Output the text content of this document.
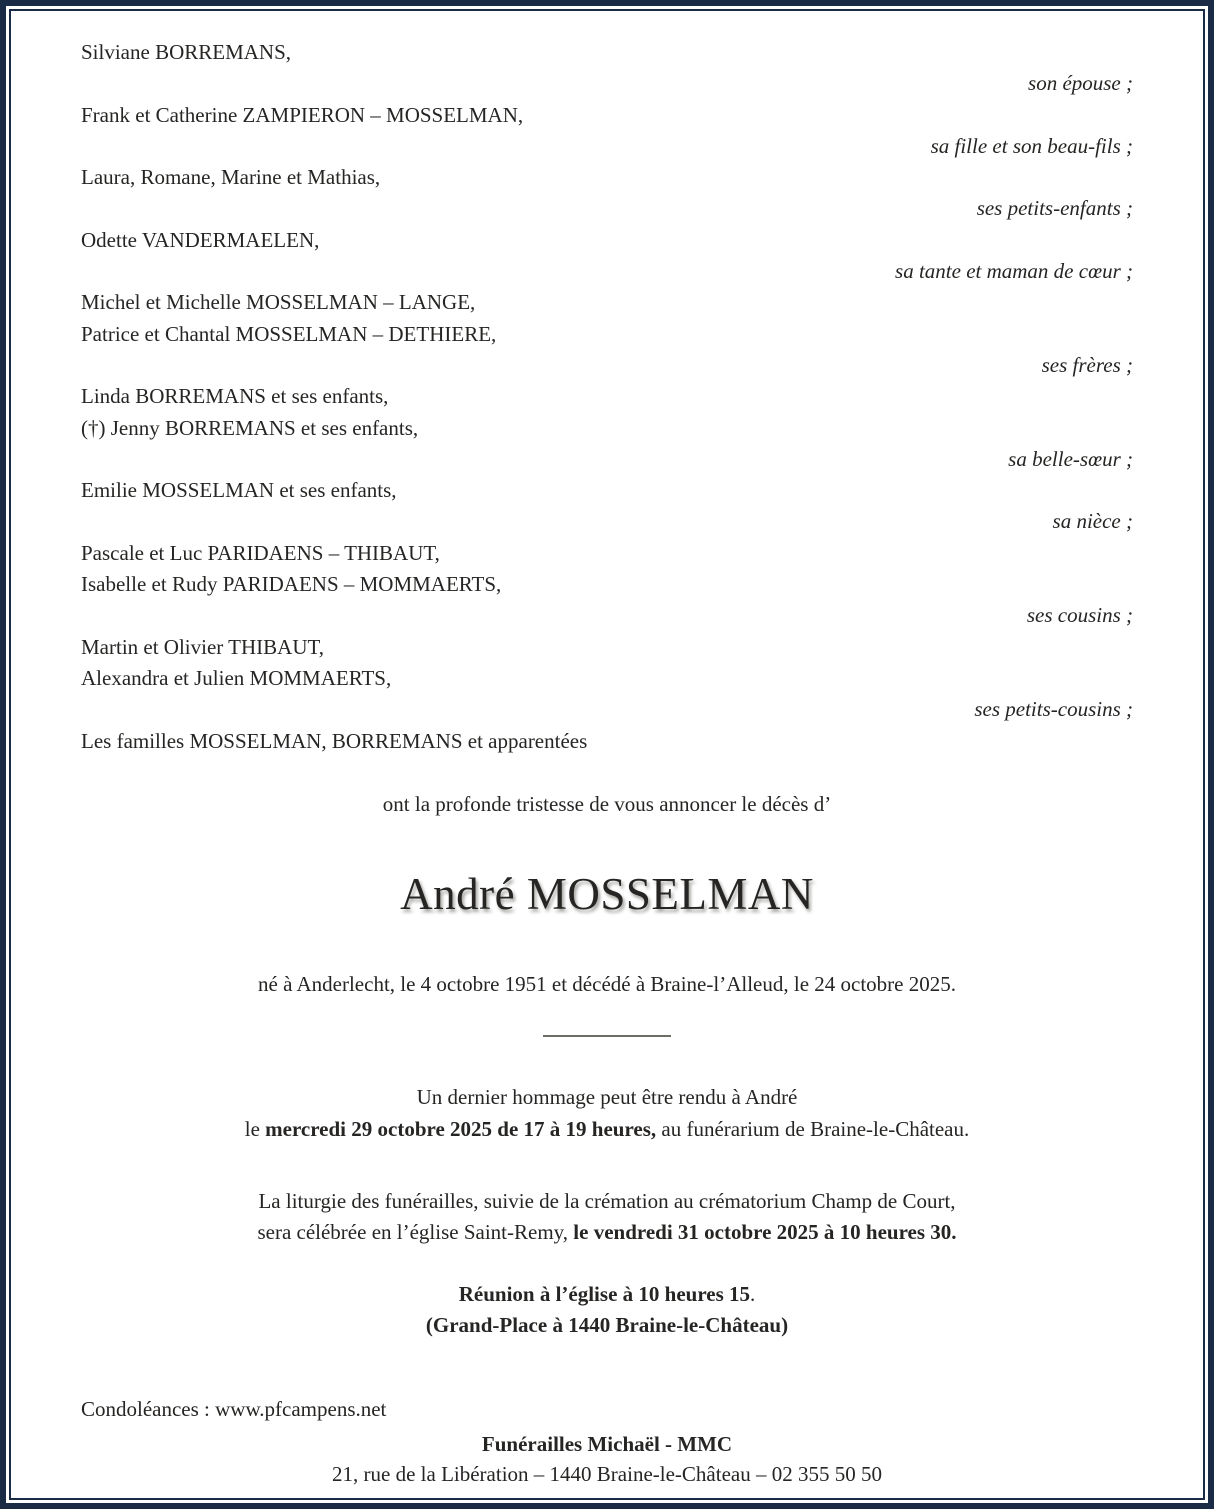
Silviane BORREMANS,
son épouse ;
Frank et Catherine ZAMPIERON – MOSSELMAN,
sa fille et son beau-fils ;
Laura, Romane, Marine et Mathias,
ses petits-enfants ;
Odette VANDERMAELEN,
sa tante et maman de cœur ;
Michel et Michelle MOSSELMAN – LANGE,
Patrice et Chantal MOSSELMAN – DETHIERE,
ses frères ;
Linda BORREMANS et ses enfants,
(†) Jenny BORREMANS et ses enfants,
sa belle-sœur ;
Emilie MOSSELMAN et ses enfants,
sa nièce ;
Pascale et Luc PARIDAENS – THIBAUT,
Isabelle et Rudy PARIDAENS – MOMMAERTS,
ses cousins ;
Martin et Olivier THIBAUT,
Alexandra et Julien MOMMAERTS,
ses petits-cousins ;
Les familles MOSSELMAN, BORREMANS et apparentées

ont la profonde tristesse de vous annoncer le décès d’

André MOSSELMAN

né à Anderlecht, le 4 octobre 1951 et décédé à Braine-l’Alleud, le 24 octobre 2025.

Un dernier hommage peut être rendu à André
le mercredi 29 octobre 2025 de 17 à 19 heures, au funérarium de Braine-le-Château.
La liturgie des funérailles, suivie de la crémation au crématorium Champ de Court,
sera célébrée en l’église Saint-Remy, le vendredi 31 octobre 2025 à 10 heures 30.
Réunion à l’église à 10 heures 15.
(Grand-Place à 1440 Braine-le-Château)

Condoléances : www.pfcampens.net

Funérailles Michaël - MMC
21, rue de la Libération – 1440 Braine-le-Château – 02 355 50 50
